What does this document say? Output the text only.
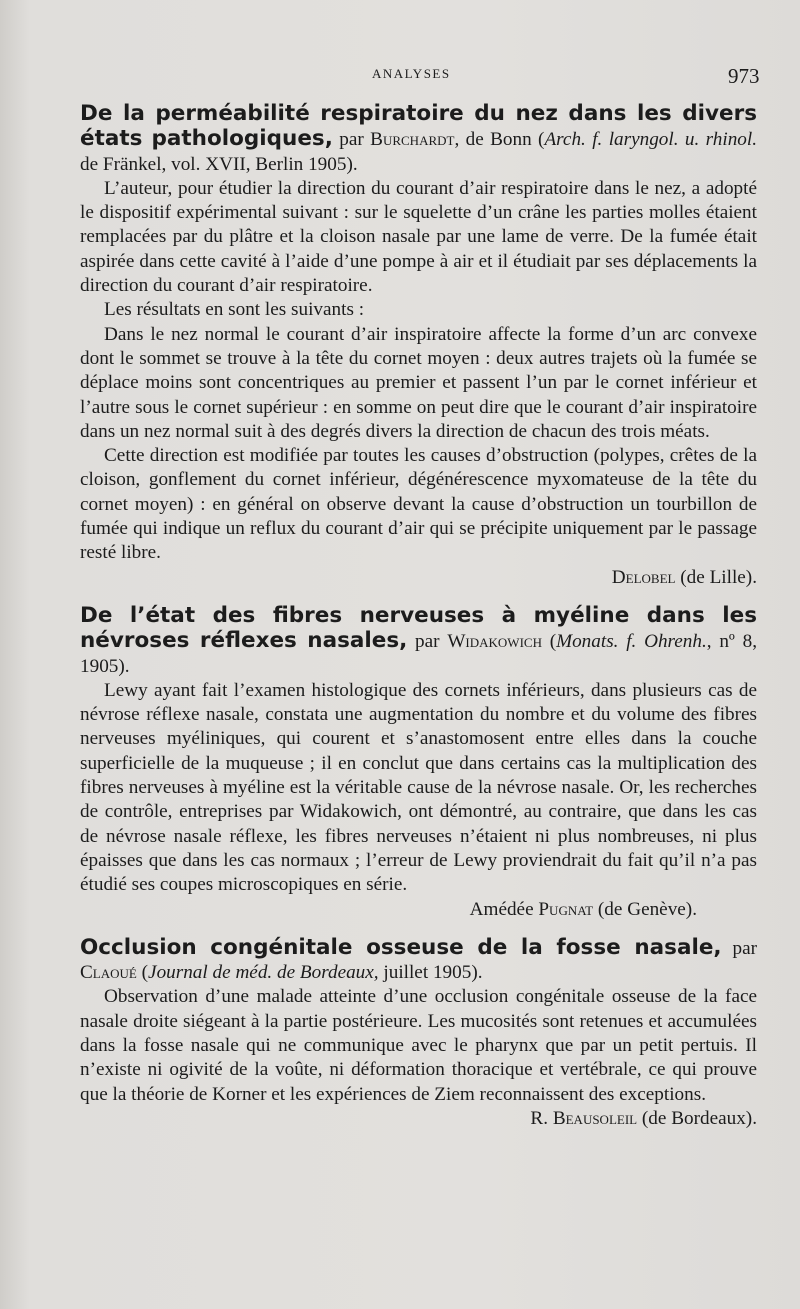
ANALYSES	973

De la perméabilité respiratoire du nez dans les divers états pathologiques, par Burchardt, de Bonn (Arch. f. laryngol. u. rhinol. de Fränkel, vol. XVII, Berlin 1905).

L’auteur, pour étudier la direction du courant d’air respiratoire dans le nez, a adopté le dispositif expérimental suivant : sur le squelette d’un crâne les parties molles étaient remplacées par du plâtre et la cloison nasale par une lame de verre. De la fumée était aspirée dans cette cavité à l’aide d’une pompe à air et il étudiait par ses déplacements la direction du courant d’air respiratoire.

Les résultats en sont les suivants :

Dans le nez normal le courant d’air inspiratoire affecte la forme d’un arc convexe dont le sommet se trouve à la tête du cornet moyen : deux autres trajets où la fumée se déplace moins sont concentriques au premier et passent l’un par le cornet inférieur et l’autre sous le cornet supérieur : en somme on peut dire que le courant d’air inspiratoire dans un nez normal suit à des degrés divers la direction de chacun des trois méats.

Cette direction est modifiée par toutes les causes d’obstruction (polypes, crêtes de la cloison, gonflement du cornet inférieur, dégénérescence myxomateuse de la tête du cornet moyen) : en général on observe devant la cause d’obstruction un tourbillon de fumée qui indique un reflux du courant d’air qui se précipite uniquement par le passage resté libre.

Delobel (de Lille).

De l’état des fibres nerveuses à myéline dans les névroses réflexes nasales, par Widakowich (Monats. f. Ohrenh., nº 8, 1905).

Lewy ayant fait l’examen histologique des cornets inférieurs, dans plusieurs cas de névrose réflexe nasale, constata une augmentation du nombre et du volume des fibres nerveuses myéliniques, qui courent et s’anastomosent entre elles dans la couche superficielle de la muqueuse ; il en conclut que dans certains cas la multiplication des fibres nerveuses à myéline est la véritable cause de la névrose nasale. Or, les recherches de contrôle, entreprises par Widakowich, ont démontré, au contraire, que dans les cas de névrose nasale réflexe, les fibres nerveuses n’étaient ni plus nombreuses, ni plus épaisses que dans les cas normaux ; l’erreur de Lewy proviendrait du fait qu’il n’a pas étudié ses coupes microscopiques en série.

Amédée Pugnat (de Genève).

Occlusion congénitale osseuse de la fosse nasale, par Claoué (Journal de méd. de Bordeaux, juillet 1905).

Observation d’une malade atteinte d’une occlusion congénitale osseuse de la face nasale droite siégeant à la partie postérieure. Les mucosités sont retenues et accumulées dans la fosse nasale qui ne communique avec le pharynx que par un petit pertuis. Il n’existe ni ogivité de la voûte, ni déformation thoracique et vertébrale, ce qui prouve que la théorie de Korner et les expériences de Ziem reconnaissent des exceptions.

R. Beausoleil (de Bordeaux).
